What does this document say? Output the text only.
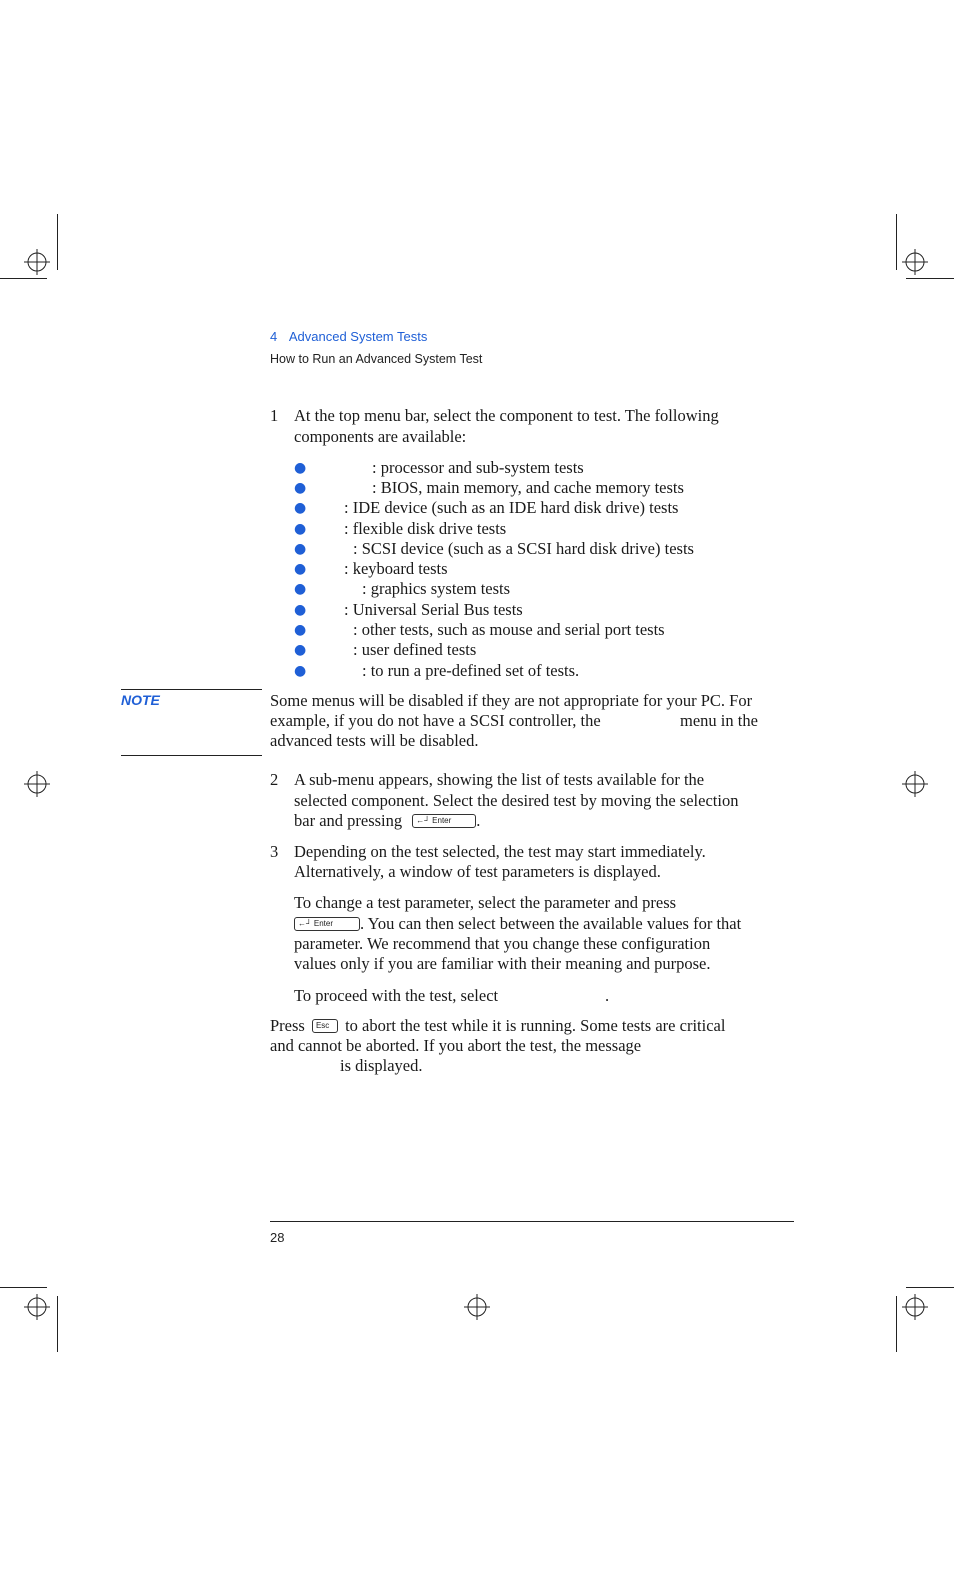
4 Advanced System Tests
How to Run an Advanced System Test
1 At the top menu bar, select the component to test. The following
components are available:
●	: processor and sub-system tests
●	: BIOS, main memory, and cache memory tests
● : IDE device (such as an IDE hard disk drive) tests
● : flexible disk drive tests
●	: SCSI device (such as a SCSI hard disk drive) tests
● : keyboard tests
●	: graphics system tests
● : Universal Serial Bus tests
●	: other tests, such as mouse and serial port tests
●	: user defined tests
●	: to run a pre-defined set of tests.
NOTE	Some menus will be disabled if they are not appropriate for your PC. For
example, if you do not have a SCSI controller, the	menu in the
advanced tests will be disabled.
2 A sub-menu appears, showing the list of tests available for the
selected component. Select the desired test by moving the selection
bar and pressing ←┘ Enter .
3 Depending on the test selected, the test may start immediately.
Alternatively, a window of test parameters is displayed.
To change a test parameter, select the parameter and press
←┘ Enter . You can then select between the available values for that
parameter. We recommend that you change these configuration
values only if you are familiar with their meaning and purpose.
To proceed with the test, select	.
Press Esc to abort the test while it is running. Some tests are critical
and cannot be aborted. If you abort the test, the message
is displayed.
28
